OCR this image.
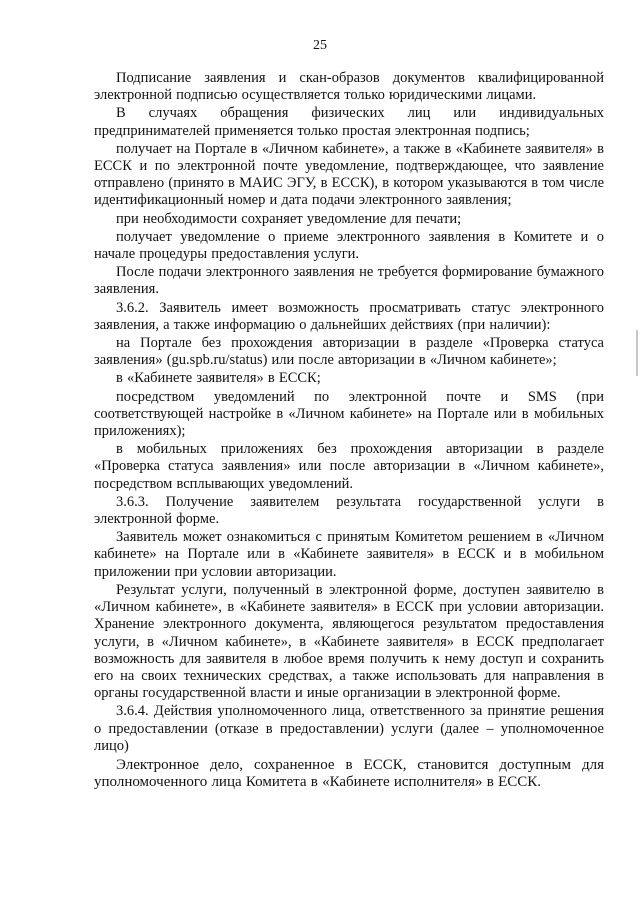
25

Подписание заявления и скан-образов документов квалифицированной электронной подписью осуществляется только юридическими лицами.

В случаях обращения физических лиц или индивидуальных предпринимателей применяется только простая электронная подпись;

получает на Портале в «Личном кабинете», а также в «Кабинете заявителя» в ЕССК и по электронной почте уведомление, подтверждающее, что заявление отправлено (принято в МАИС ЭГУ, в ЕССК), в котором указываются в том числе идентификационный номер и дата подачи электронного заявления;

при необходимости сохраняет уведомление для печати;

получает уведомление о приеме электронного заявления в Комитете и о начале процедуры предоставления услуги.

После подачи электронного заявления не требуется формирование бумажного заявления.

3.6.2. Заявитель имеет возможность просматривать статус электронного заявления, а также информацию о дальнейших действиях (при наличии):

на Портале без прохождения авторизации в разделе «Проверка статуса заявления» (gu.spb.ru/status) или после авторизации в «Личном кабинете»;

в «Кабинете заявителя» в ЕССК;

посредством уведомлений по электронной почте и SMS (при соответствующей настройке в «Личном кабинете» на Портале или в мобильных приложениях);

в мобильных приложениях без прохождения авторизации в разделе «Проверка статуса заявления» или после авторизации в «Личном кабинете», посредством всплывающих уведомлений.

3.6.3. Получение заявителем результата государственной услуги в электронной форме.

Заявитель может ознакомиться с принятым Комитетом решением в «Личном кабинете» на Портале или в «Кабинете заявителя» в ЕССК и в мобильном приложении при условии авторизации.

Результат услуги, полученный в электронной форме, доступен заявителю в «Личном кабинете», в «Кабинете заявителя» в ЕССК при условии авторизации. Хранение электронного документа, являющегося результатом предоставления услуги, в «Личном кабинете», в «Кабинете заявителя» в ЕССК предполагает возможность для заявителя в любое время получить к нему доступ и сохранить его на своих технических средствах, а также использовать для направления в органы государственной власти и иные организации в электронной форме.

3.6.4. Действия уполномоченного лица, ответственного за принятие решения о предоставлении (отказе в предоставлении) услуги (далее – уполномоченное лицо)

Электронное дело, сохраненное в ЕССК, становится доступным для уполномоченного лица Комитета в «Кабинете исполнителя» в ЕССК.
